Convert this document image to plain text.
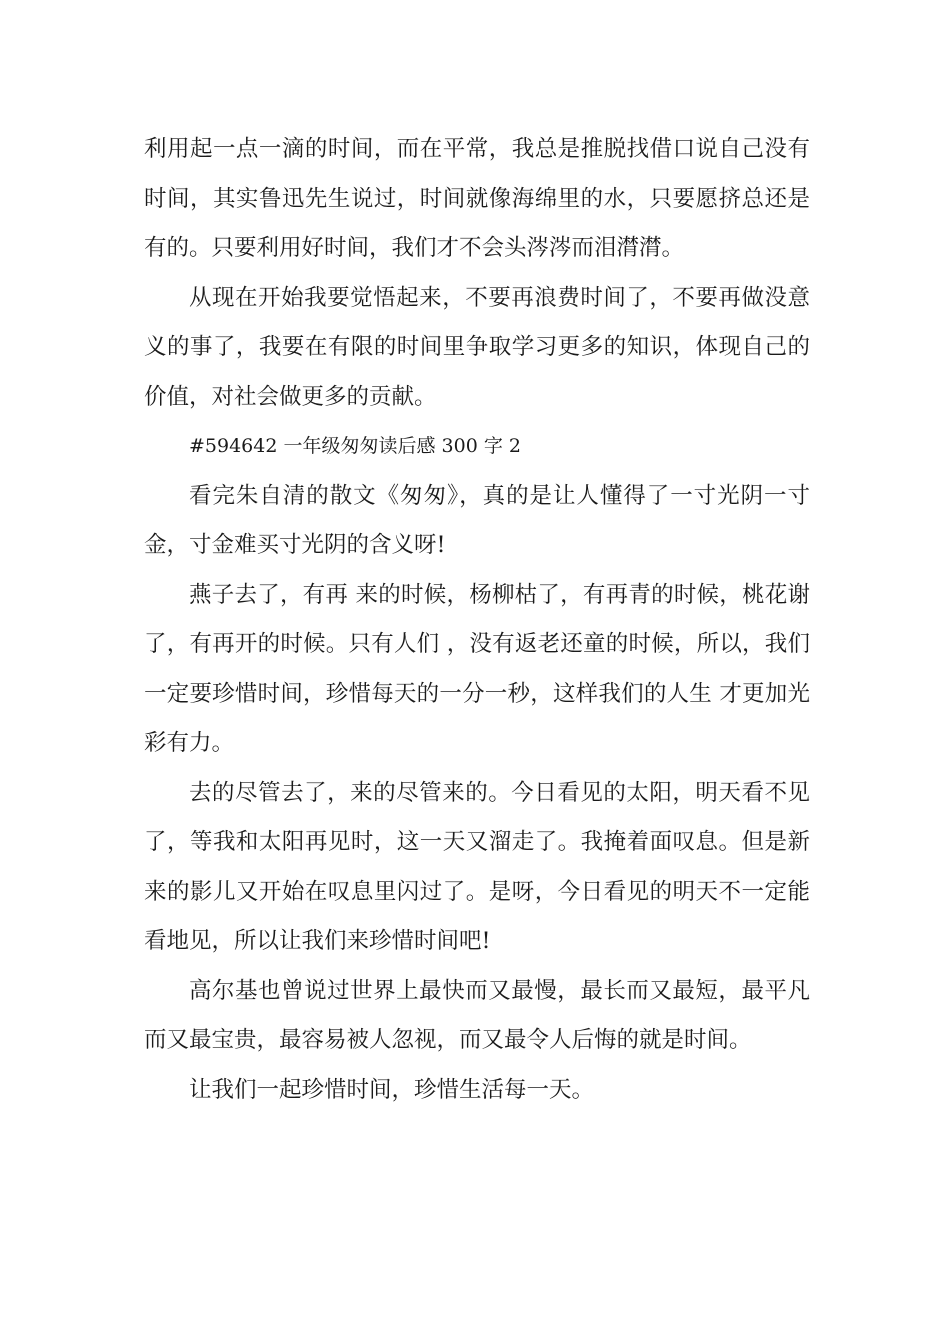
利用起一点一滴的时间，而在平常，我总是推脱找借口说自己没有时间，其实鲁迅先生说过，时间就像海绵里的水，只要愿挤总还是有的。只要利用好时间，我们才不会头涔涔而泪潸潸。

从现在开始我要觉悟起来，不要再浪费时间了，不要再做没意义的事了，我要在有限的时间里争取学习更多的知识，体现自己的价值，对社会做更多的贡献。

#594642 一年级匆匆读后感 300 字 2

看完朱自清的散文《匆匆》，真的是让人懂得了一寸光阴一寸金，寸金难买寸光阴的含义呀!

燕子去了，有再 来的时候，杨柳枯了，有再青的时候，桃花谢了，有再开的时候。只有人们 ，没有返老还童的时候，所以，我们一定要珍惜时间，珍惜每天的一分一秒，这样我们的人生 才更加光彩有力。

去的尽管去了，来的尽管来的。今日看见的太阳，明天看不见了，等我和太阳再见时，这一天又溜走了。我掩着面叹息。但是新来的影儿又开始在叹息里闪过了。是呀，今日看见的明天不一定能看地见，所以让我们来珍惜时间吧!

高尔基也曾说过世界上最快而又最慢，最长而又最短，最平凡而又最宝贵，最容易被人忽视，而又最令人后悔的就是时间。

让我们一起珍惜时间，珍惜生活每一天。
